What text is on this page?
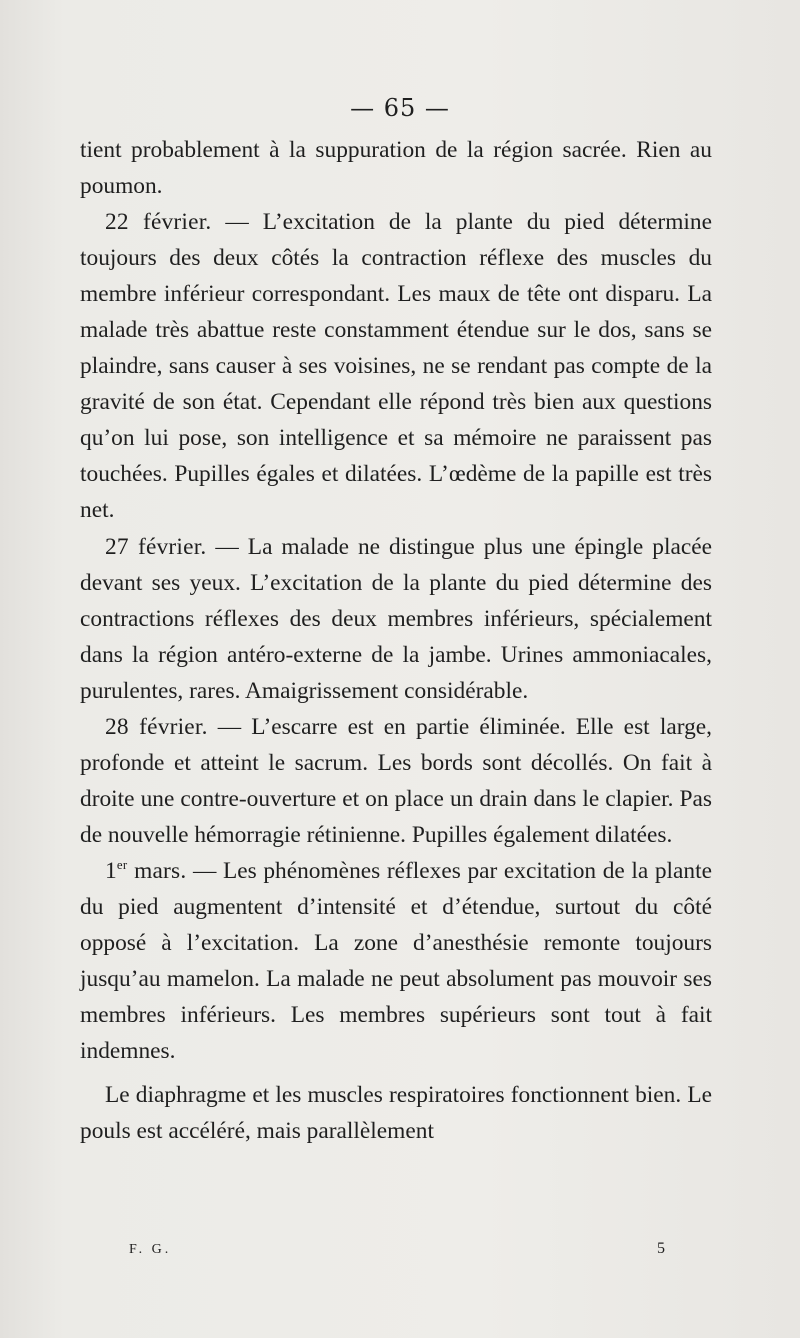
— 65 —

tient probablement à la suppuration de la région sacrée. Rien au poumon.

22 février. — L’excitation de la plante du pied détermine toujours des deux côtés la contraction réflexe des muscles du membre inférieur correspondant. Les maux de tête ont disparu. La malade très abattue reste constamment étendue sur le dos, sans se plaindre, sans causer à ses voisines, ne se rendant pas compte de la gravité de son état. Cependant elle répond très bien aux questions qu’on lui pose, son intelligence et sa mémoire ne paraissent pas touchées. Pupilles égales et dilatées. L’œdème de la papille est très net.

27 février. — La malade ne distingue plus une épingle placée devant ses yeux. L’excitation de la plante du pied détermine des contractions réflexes des deux membres inférieurs, spécialement dans la région antéro-externe de la jambe. Urines ammoniacales, purulentes, rares. Amaigrissement considérable.

28 février. — L’escarre est en partie éliminée. Elle est large, profonde et atteint le sacrum. Les bords sont décollés. On fait à droite une contre-ouverture et on place un drain dans le clapier. Pas de nouvelle hémorragie rétinienne. Pupilles également dilatées.

1er mars. — Les phénomènes réflexes par excitation de la plante du pied augmentent d’intensité et d’étendue, surtout du côté opposé à l’excitation. La zone d’anesthésie remonte toujours jusqu’au mamelon. La malade ne peut absolument pas mouvoir ses membres inférieurs. Les membres supérieurs sont tout à fait indemnes.

Le diaphragme et les muscles respiratoires fonctionnent bien. Le pouls est accéléré, mais parallèlement

F. G.	5
